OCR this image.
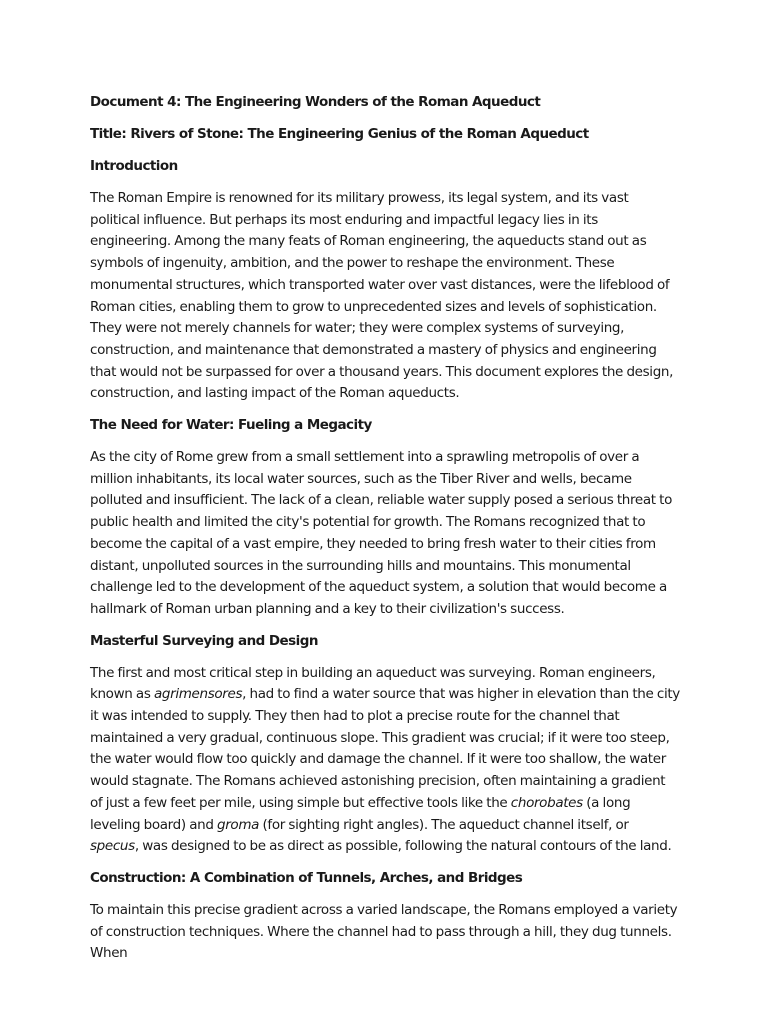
Document 4: The Engineering Wonders of the Roman Aqueduct

Title: Rivers of Stone: The Engineering Genius of the Roman Aqueduct

Introduction

The Roman Empire is renowned for its military prowess, its legal system, and its vast political influence. But perhaps its most enduring and impactful legacy lies in its engineering. Among the many feats of Roman engineering, the aqueducts stand out as symbols of ingenuity, ambition, and the power to reshape the environment. These monumental structures, which transported water over vast distances, were the lifeblood of Roman cities, enabling them to grow to unprecedented sizes and levels of sophistication. They were not merely channels for water; they were complex systems of surveying, construction, and maintenance that demonstrated a mastery of physics and engineering that would not be surpassed for over a thousand years. This document explores the design, construction, and lasting impact of the Roman aqueducts.

The Need for Water: Fueling a Megacity

As the city of Rome grew from a small settlement into a sprawling metropolis of over a million inhabitants, its local water sources, such as the Tiber River and wells, became polluted and insufficient. The lack of a clean, reliable water supply posed a serious threat to public health and limited the city's potential for growth. The Romans recognized that to become the capital of a vast empire, they needed to bring fresh water to their cities from distant, unpolluted sources in the surrounding hills and mountains. This monumental challenge led to the development of the aqueduct system, a solution that would become a hallmark of Roman urban planning and a key to their civilization's success.

Masterful Surveying and Design

The first and most critical step in building an aqueduct was surveying. Roman engineers, known as agrimensores, had to find a water source that was higher in elevation than the city it was intended to supply. They then had to plot a precise route for the channel that maintained a very gradual, continuous slope. This gradient was crucial; if it were too steep, the water would flow too quickly and damage the channel. If it were too shallow, the water would stagnate. The Romans achieved astonishing precision, often maintaining a gradient of just a few feet per mile, using simple but effective tools like the chorobates (a long leveling board) and groma (for sighting right angles). The aqueduct channel itself, or specus, was designed to be as direct as possible, following the natural contours of the land.

Construction: A Combination of Tunnels, Arches, and Bridges

To maintain this precise gradient across a varied landscape, the Romans employed a variety of construction techniques. Where the channel had to pass through a hill, they dug tunnels. When
